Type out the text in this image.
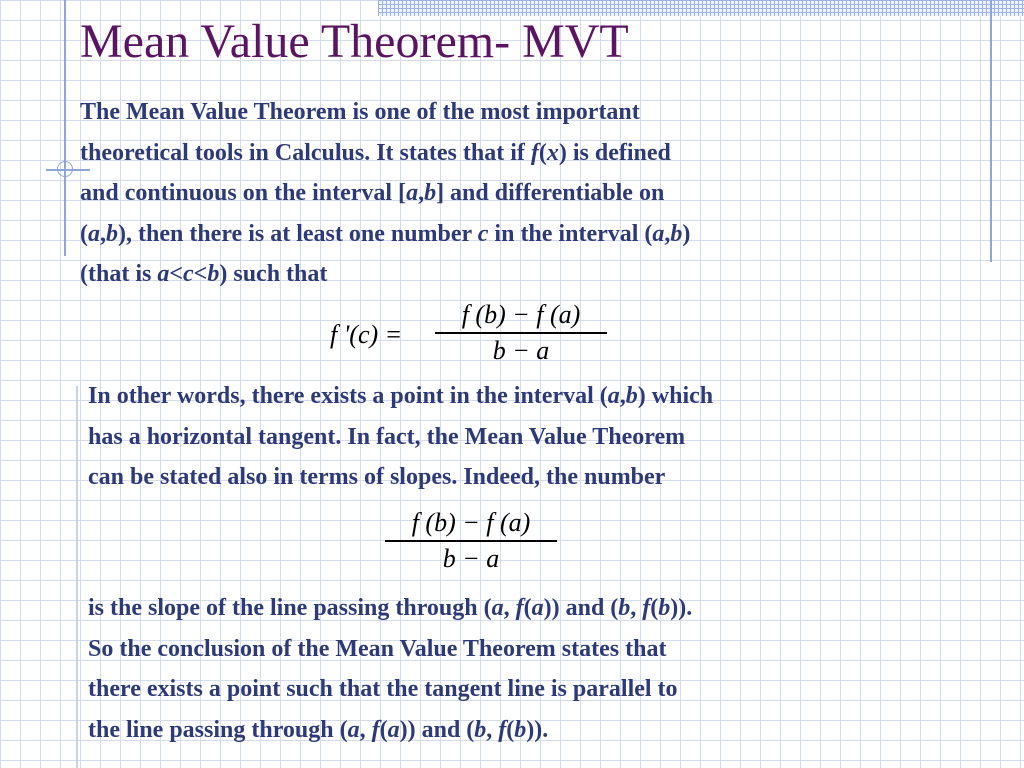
Mean Value Theorem- MVT
The Mean Value Theorem is one of the most important
theoretical tools in Calculus. It states that if f(x) is defined
and continuous on the interval [a,b] and differentiable on
(a,b), then there is at least one number c in the interval (a,b)
(that is a<c<b) such that
f '(c) =
f (b) − f (a)
b − a
In other words, there exists a point in the interval (a,b) which
has a horizontal tangent. In fact, the Mean Value Theorem
can be stated also in terms of slopes. Indeed, the number
f (b) − f (a)
b − a
is the slope of the line passing through (a, f(a)) and (b, f(b)).
So the conclusion of the Mean Value Theorem states that
there exists a point such that the tangent line is parallel to
the line passing through (a, f(a)) and (b, f(b)).
